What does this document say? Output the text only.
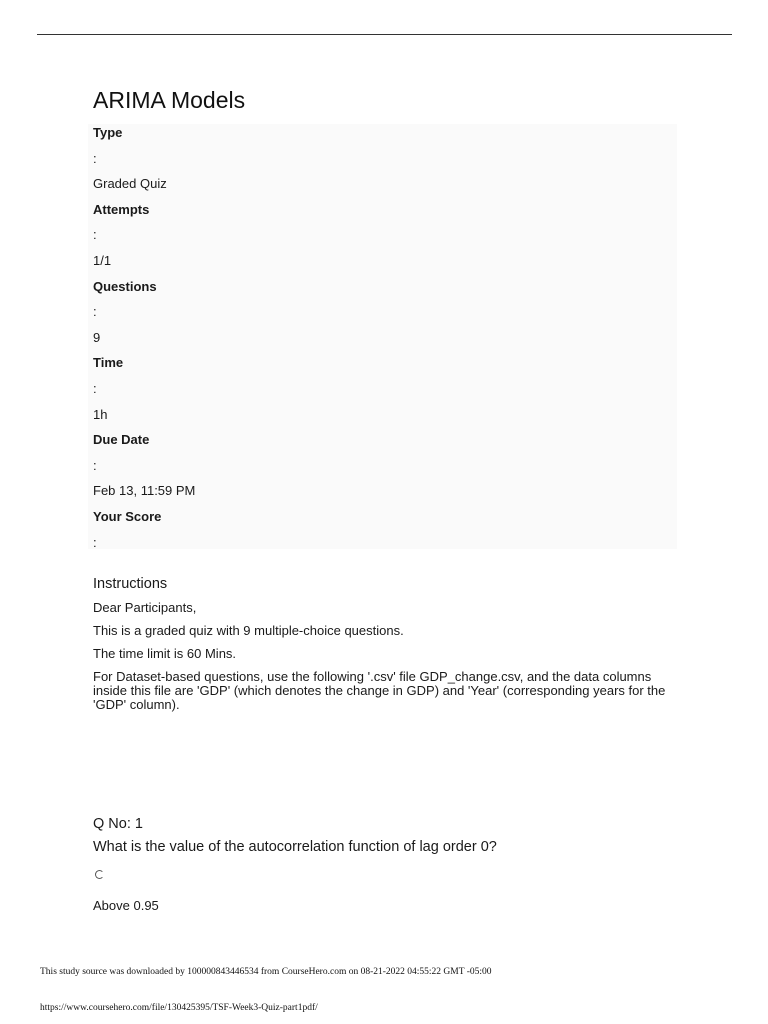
ARIMA Models
Type
:
Graded Quiz
Attempts
:
1/1
Questions
:
9
Time
:
1h
Due Date
:
Feb 13, 11:59 PM
Your Score
:
Instructions

Dear Participants,

This is a graded quiz with 9 multiple-choice questions.

The time limit is 60 Mins.

For Dataset-based questions, use the following '.csv' file GDP_change.csv, and the data columns inside this file are 'GDP' (which denotes the change in GDP) and 'Year' (corresponding years for the 'GDP' column).

Q No: 1
What is the value of the autocorrelation function of lag order 0?
Above 0.95
This study source was downloaded by 100000843446534 from CourseHero.com on 08-21-2022 04:55:22 GMT -05:00
https://www.coursehero.com/file/130425395/TSF-Week3-Quiz-part1pdf/
